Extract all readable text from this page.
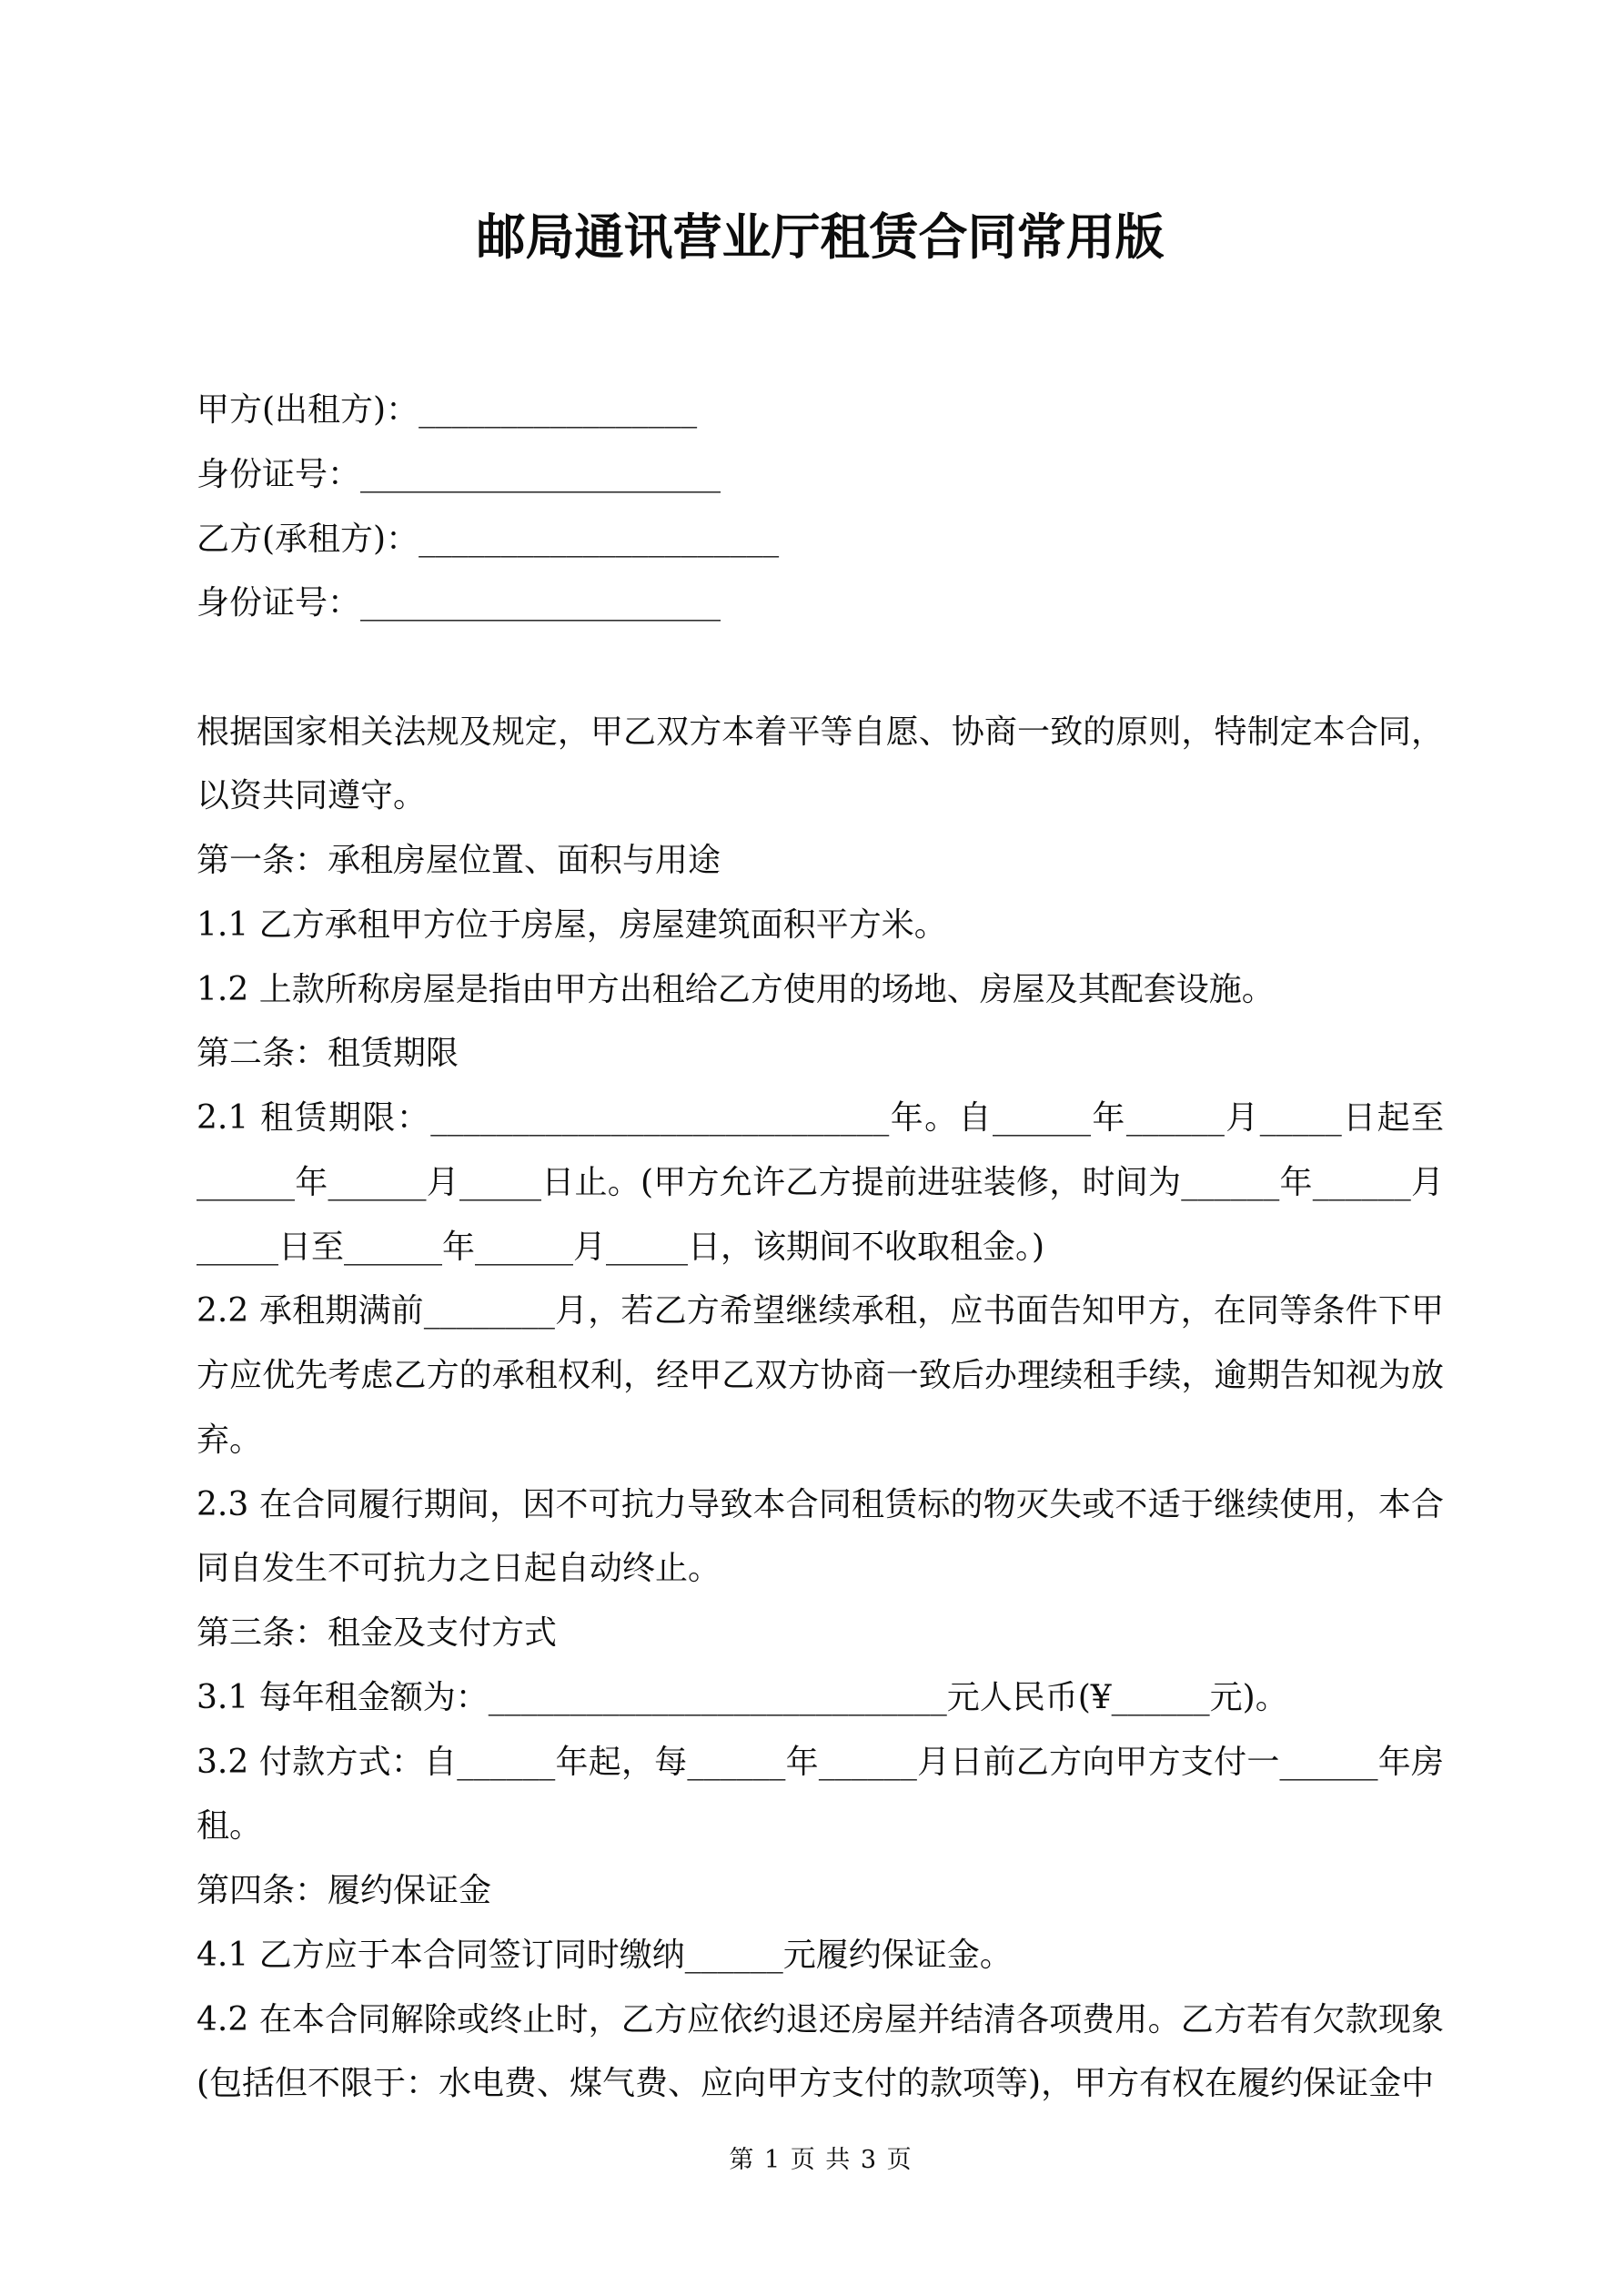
邮局通讯营业厅租赁合同常用版
甲方(出租方)：_________________
身份证号：______________________
乙方(承租方)：______________________
身份证号：______________________

根据国家相关法规及规定，甲乙双方本着平等自愿、协商一致的原则，特制定本合同，以资共同遵守。

第一条：承租房屋位置、面积与用途

1.1 乙方承租甲方位于房屋，房屋建筑面积平方米。

1.2 上款所称房屋是指由甲方出租给乙方使用的场地、房屋及其配套设施。

第二条：租赁期限

2.1 租赁期限：____________________________年。自______年______月_____日起至______年______月_____日止。(甲方允许乙方提前进驻装修，时间为______年______月_____日至______年______月_____日，该期间不收取租金。)

2.2 承租期满前________月，若乙方希望继续承租，应书面告知甲方，在同等条件下甲方应优先考虑乙方的承租权利，经甲乙双方协商一致后办理续租手续，逾期告知视为放弃。

2.3 在合同履行期间，因不可抗力导致本合同租赁标的物灭失或不适于继续使用，本合同自发生不可抗力之日起自动终止。

第三条：租金及支付方式

3.1 每年租金额为：____________________________元人民币(¥______元)。

3.2 付款方式：自______年起，每______年______月日前乙方向甲方支付一______年房租。

第四条：履约保证金

4.1 乙方应于本合同签订同时缴纳______元履约保证金。

4.2 在本合同解除或终止时，乙方应依约退还房屋并结清各项费用。乙方若有欠款现象(包括但不限于：水电费、煤气费、应向甲方支付的款项等)，甲方有权在履约保证金中

第 1 页 共 3 页
